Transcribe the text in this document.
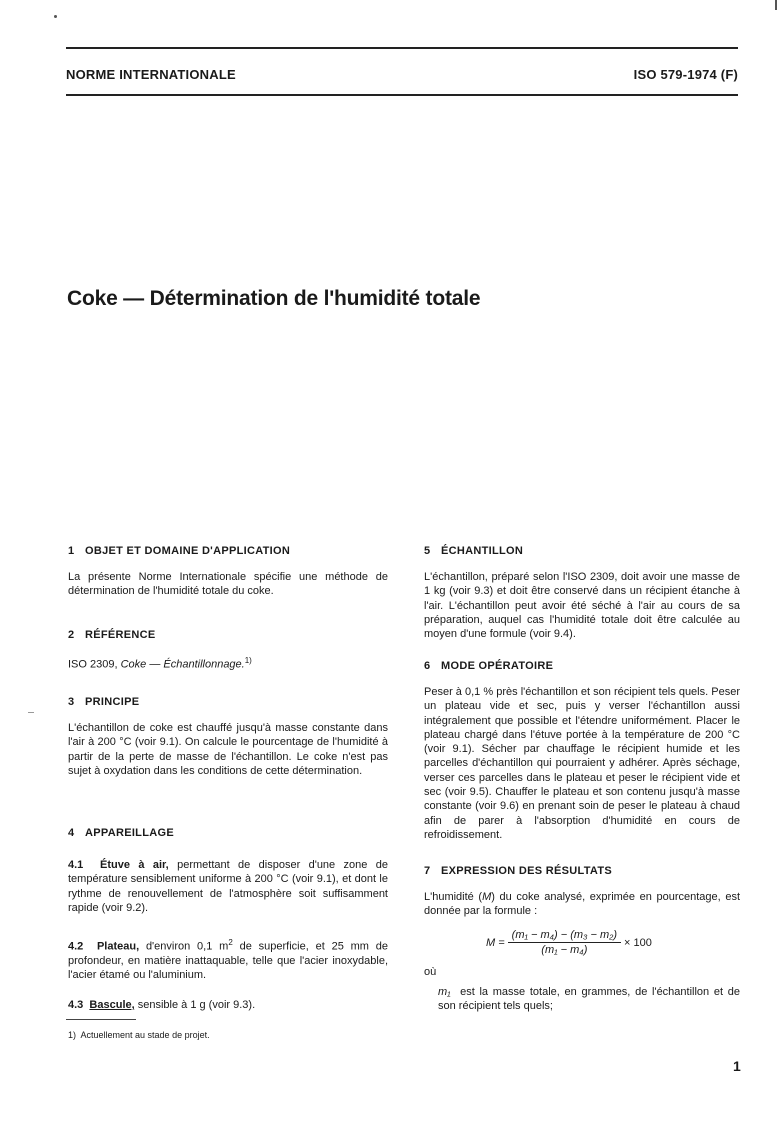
NORME INTERNATIONALE	ISO 579-1974 (F)
Coke — Détermination de l'humidité totale
1 OBJET ET DOMAINE D'APPLICATION

La présente Norme Internationale spécifie une méthode de détermination de l'humidité totale du coke.

2 RÉFÉRENCE

ISO 2309, Coke — Échantillonnage.$^{1)}$

3 PRINCIPE

L'échantillon de coke est chauffé jusqu'à masse constante dans l'air à 200 °C (voir 9.1). On calcule le pourcentage de l'humidité à partir de la perte de masse de l'échantillon. Le coke n'est pas sujet à oxydation dans les conditions de cette détermination.

4 APPAREILLAGE

4.1 Étuve à air, permettant de disposer d'une zone de température sensiblement uniforme à 200 °C (voir 9.1), et dont le rythme de renouvellement de l'atmosphère soit suffisamment rapide (voir 9.2).

4.2 Plateau, d'environ 0,1 $m^2$ de superficie, et 25 mm de profondeur, en matière inattaquable, telle que l'acier inoxydable, l'acier étamé ou l'aluminium.

4.3 Bascule, sensible à 1 g (voir 9.3).

1)  Actuellement au stade de projet.
5 ÉCHANTILLON

L'échantillon, préparé selon l'ISO 2309, doit avoir une masse de 1 kg (voir 9.3) et doit être conservé dans un récipient étanche à l'air. L'échantillon peut avoir été séché à l'air au cours de sa préparation, auquel cas l'humidité totale doit être calculée au moyen d'une formule (voir 9.4).

6 MODE OPÉRATOIRE

Peser à 0,1 % près l'échantillon et son récipient tels quels. Peser un plateau vide et sec, puis y verser l'échantillon aussi intégralement que possible et l'étendre uniformément. Placer le plateau chargé dans l'étuve portée à la température de 200 °C (voir 9.1). Sécher par chauffage le récipient humide et les parcelles d'échantillon qui pourraient y adhérer. Après séchage, verser ces parcelles dans le plateau et peser le récipient vide et sec (voir 9.5). Chauffer le plateau et son contenu jusqu'à masse constante (voir 9.6) en prenant soin de peser le plateau à chaud afin de parer à l'absorption d'humidité en cours de refroidissement.

7 EXPRESSION DES RÉSULTATS

L'humidité (M) du coke analysé, exprimée en pourcentage, est donnée par la formule :

$M = \frac{\text{(m₁ − m₄) − (m₃ − m₂)}}{\text{(m₁ − m₄)}} \times 100$
où

m₁ est la masse totale, en grammes, de l'échantillon et de son récipient tels quels;

1
